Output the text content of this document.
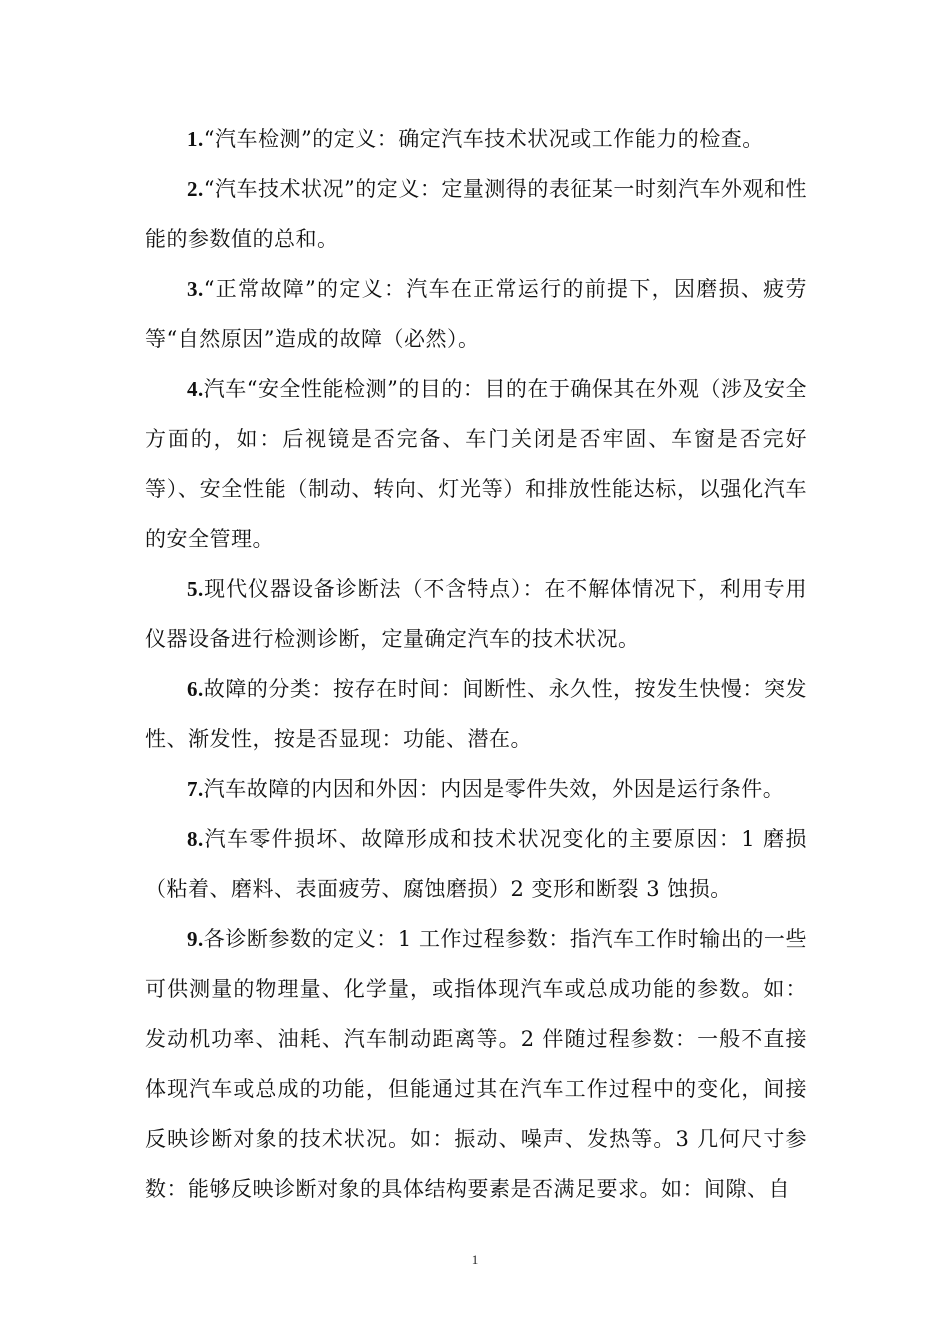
1.“汽车检测”的定义：确定汽车技术状况或工作能力的检查。

2.“汽车技术状况”的定义：定量测得的表征某一时刻汽车外观和性能的参数值的总和。

3.“正常故障”的定义：汽车在正常运行的前提下，因磨损、疲劳等“自然原因”造成的故障（必然）。

4.汽车“安全性能检测”的目的：目的在于确保其在外观（涉及安全方面的，如：后视镜是否完备、车门关闭是否牢固、车窗是否完好等）、安全性能（制动、转向、灯光等）和排放性能达标，以强化汽车的安全管理。

5.现代仪器设备诊断法（不含特点）：在不解体情况下，利用专用仪器设备进行检测诊断，定量确定汽车的技术状况。

6.故障的分类：按存在时间：间断性、永久性，按发生快慢：突发性、渐发性，按是否显现：功能、潜在。

7.汽车故障的内因和外因：内因是零件失效，外因是运行条件。

8.汽车零件损坏、故障形成和技术状况变化的主要原因：1 磨损（粘着、磨料、表面疲劳、腐蚀磨损）2 变形和断裂 3 蚀损。

9.各诊断参数的定义：1 工作过程参数：指汽车工作时输出的一些可供测量的物理量、化学量，或指体现汽车或总成功能的参数。如：发动机功率、油耗、汽车制动距离等。2 伴随过程参数：一般不直接体现汽车或总成的功能，但能通过其在汽车工作过程中的变化，间接反映诊断对象的技术状况。如：振动、噪声、发热等。3 几何尺寸参数：能够反映诊断对象的具体结构要素是否满足要求。如：间隙、自

1
